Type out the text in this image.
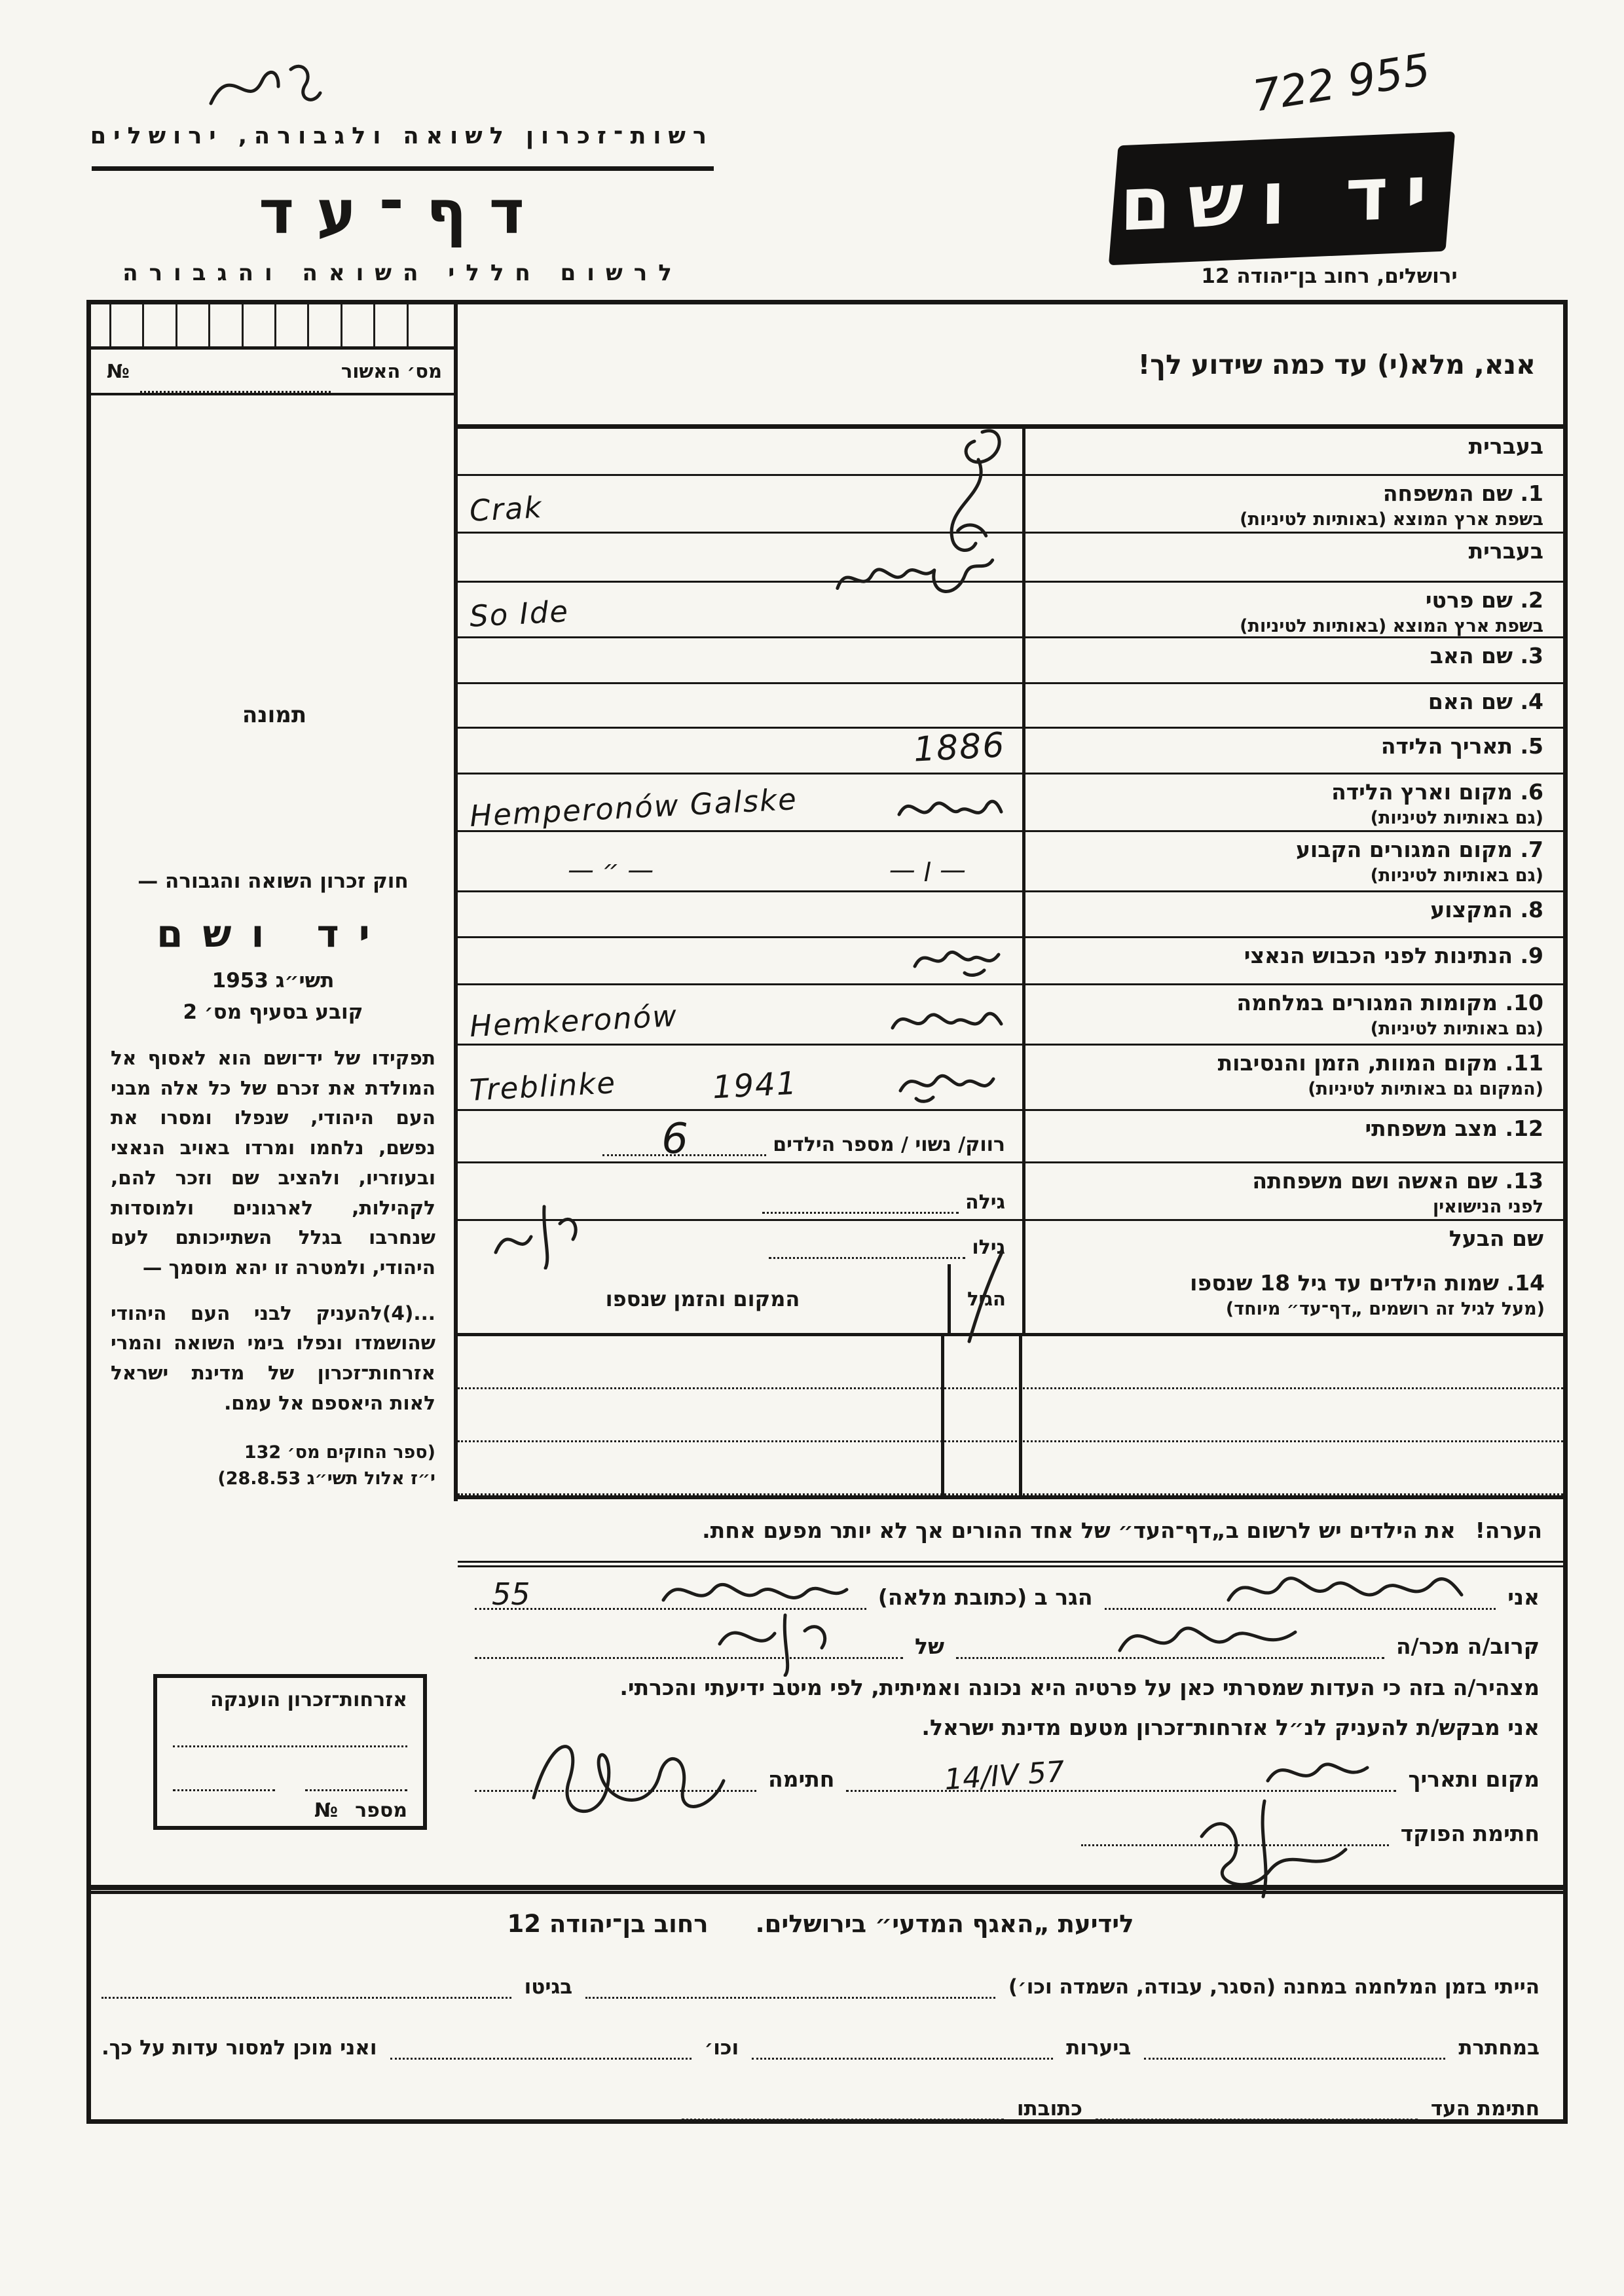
רשות־זכרון לשואה ולגבורה, ירושלים
דף־עד
לרשום חללי השואה והגבורה
722 955
יד ושם
ירושלים, רחוב בן־יהודה 12
מס׳ האשור
№
תמונה
חוק זכרון השואה והגבורה —
יד ושם
תשי״ג 1953
קובע בסעיף מס׳ 2
תפקידו של יד־ושם הוא לאסוף אל המולדת את זכרם של כל אלה מבני העם היהודי, שנפלו ומסרו את נפשם, נלחמו ומרדו באויב הנאצי ובעוזריו, ולהציב שם וזכר להם, לקהילות, לארגונים ולמוסדות שנחרבו בגלל השתייכותם לעם היהודי, ולמטרה זו יהא מוסמך —
‏...(4)להעניק לבני העם היהודי שהושמדו ונפלו בימי השואה והמרי אזרחות־זכרון של מדינת ישראל לאות היאספם אל עמם.
(ספר החוקים מס׳ 132
י״ז אלול תשי״ג 28.8.53)
אזרחות־זכרון הוענקה
מספר
№
אנא, מלא(י) עד כמה שידוע לך!
בעברית
1. שם המשפחה
בשפת ארץ המוצא (באותיות לטיניות)
Crak
בעברית
2. שם פרטי
בשפת ארץ המוצא (באותיות לטיניות)
So Ide
3. שם האב
4. שם האם
5. תאריך הלידה
1886
6. מקום וארץ הלידה
(גם באותיות לטיניות)
Hemperonów Galske
7. מקום המגורים הקבוע
(גם באותיות לטיניות)
— ׀ —
— ״ —
8. המקצוע
9. הנתינות לפני הכבוש הנאצי
10. מקומות המגורים במלחמה
(גם באותיות לטיניות)
Hemkeronów
11. מקום המוות, הזמן והנסיבות
(המקום גם באותיות לטיניות)
1941
Treblinke
12. מצב משפחתי
רווק/ נשוי / מספר הילדים
6
13. שם האשה ושם משפחתה
לפני הנישואין
גילה
שם הבעל
גילו
14. שמות הילדים עד גיל 18 שנספו
(מעל לגיל זה רושמים „דף־עד״ מיוחד)
הגיל
המקום והזמן שנספו
הערה!
את הילדים יש לרשום ב„דף־העד״ של אחד ההורים אך לא יותר מפעם אחת.
אני
הגר ב (כתובת מלאה)
55
קרוב/ה מכר/ה
של
מצהיר/ה בזה כי העדות שמסרתי כאן על פרטיה היא נכונה ואמיתית, לפי מיטב ידיעתי והכרתי.
אני מבקש/ת להעניק לנ״ל אזרחות־זכרון מטעם מדינת ישראל.
מקום ותאריך
14/IV 57
חתימה
חתימת הפוקד
לידיעת „האגף המדעי״ בירושלים.
רחוב בן־יהודה 12
הייתי בזמן המלחמה במחנה (הסגר, עבודה, השמדה וכו׳)
בגיטו
במחתרת
ביערות
וכו׳
ואני מוכן למסור עדות על כך.
חתימת העד
כתובתו
